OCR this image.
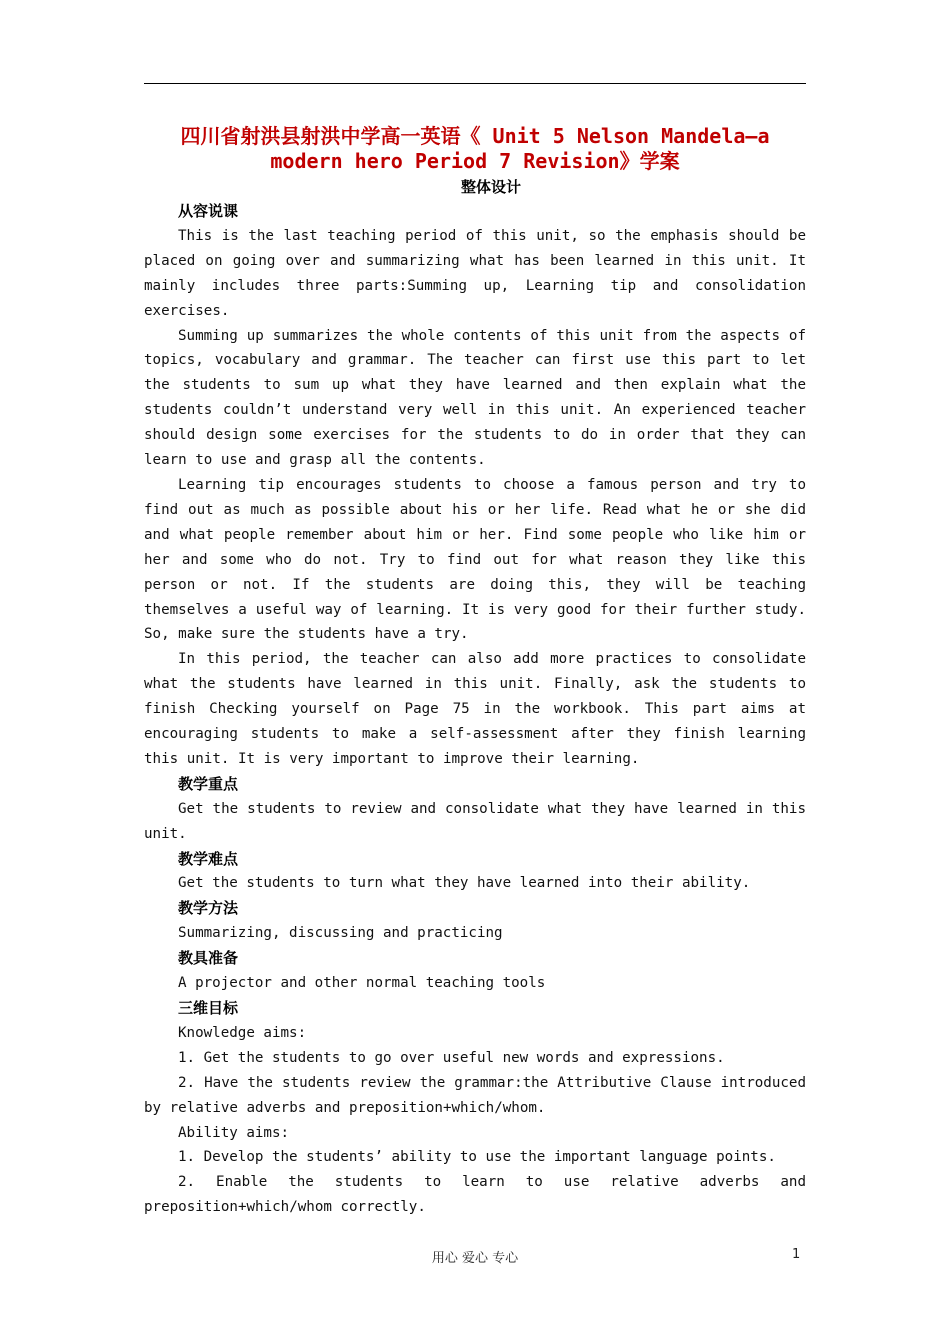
四川省射洪县射洪中学高一英语《 Unit 5 Nelson Mandela—a modern hero Period 7 Revision》学案
整体设计
从容说课

This is the last teaching period of this unit, so the emphasis should be placed on going over and summarizing what has been learned in this unit. It mainly includes three parts:Summing up, Learning tip and consolidation exercises.

Summing up summarizes the whole contents of this unit from the aspects of topics, vocabulary and grammar. The teacher can first use this part to let the students to sum up what they have learned and then explain what the students couldn’t understand very well in this unit. An experienced teacher should design some exercises for the students to do in order that they can learn to use and grasp all the contents.

Learning tip encourages students to choose a famous person and try to find out as much as possible about his or her life. Read what he or she did and what people remember about him or her. Find some people who like him or her and some who do not. Try to find out for what reason they like this person or not. If the students are doing this, they will be teaching themselves a useful way of learning. It is very good for their further study. So, make sure the students have a try.

In this period, the teacher can also add more practices to consolidate what the students have learned in this unit. Finally, ask the students to finish Checking yourself on Page 75 in the workbook. This part aims at encouraging students to make a self-assessment after they finish learning this unit. It is very important to improve their learning.

教学重点

Get the students to review and consolidate what they have learned in this unit.

教学难点

Get the students to turn what they have learned into their ability.

教学方法

Summarizing, discussing and practicing

教具准备

A projector and other normal teaching tools

三维目标

Knowledge aims:

1. Get the students to go over useful new words and expressions.

2. Have the students review the grammar:the Attributive Clause introduced by relative adverbs and preposition+which/whom.

Ability aims:

1. Develop the students’ ability to use the important language points.

2. Enable the students to learn to use relative adverbs and preposition+which/whom correctly.

用心 爱心 专心	1
